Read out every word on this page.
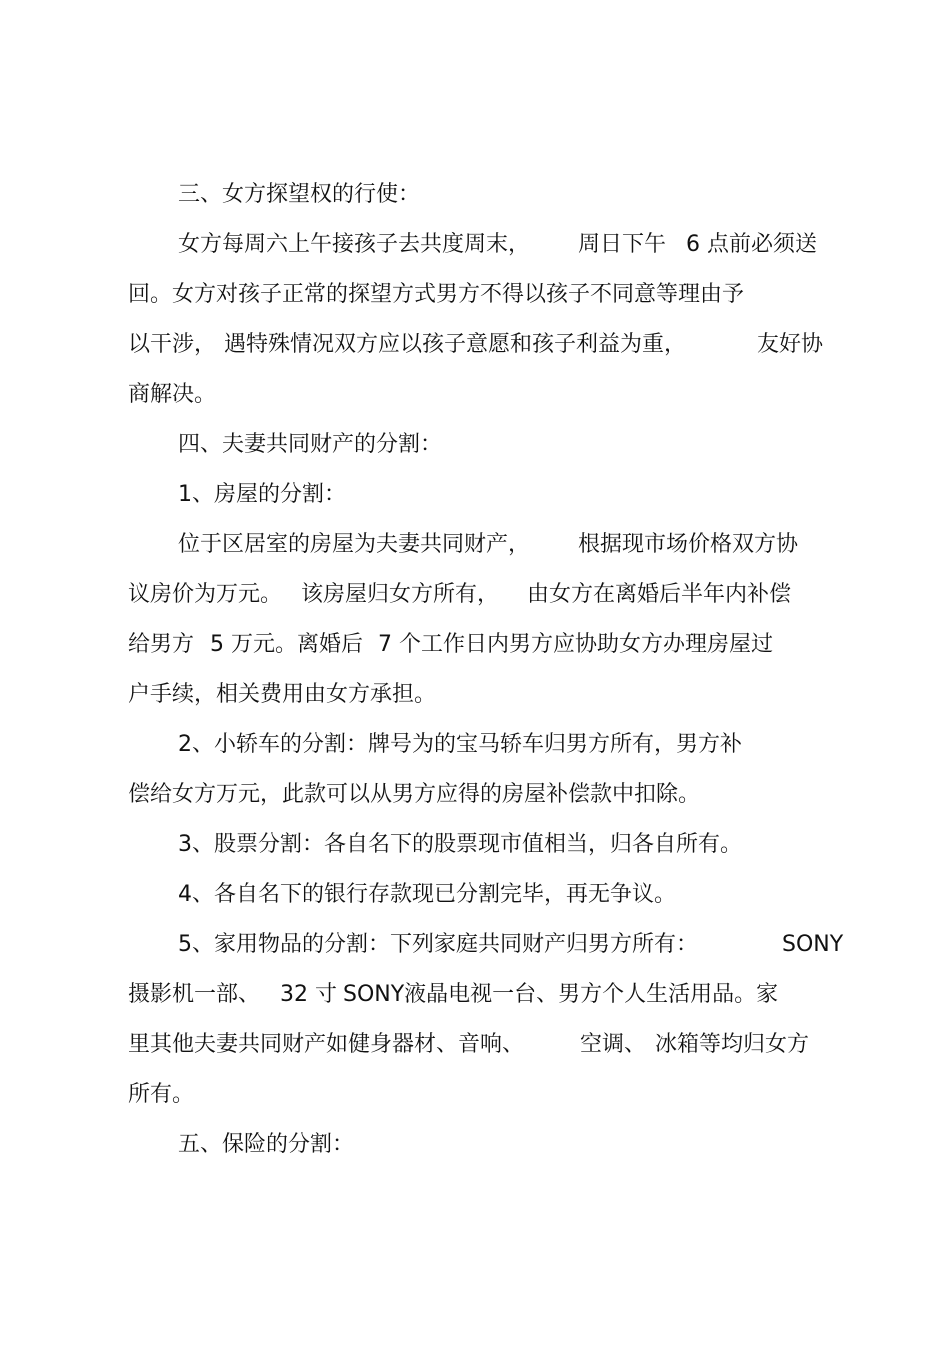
三、女方探望权的行使：
女方每周六上午接孩子去共度周末， 周日下午 6 点前必须送
回。女方对孩子正常的探望方式男方不得以孩子不同意等理由予
以干涉， 遇特殊情况双方应以孩子意愿和孩子利益为重，	友好协
商解决。
四、夫妻共同财产的分割：
1、房屋的分割：
位于区居室的房屋为夫妻共同财产， 根据现市场价格双方协
议房价为万元。 该房屋归女方所有， 由女方在离婚后半年内补偿
给男方 5 万元。离婚后 7 个工作日内男方应协助女方办理房屋过
户手续，相关费用由女方承担。
2、小轿车的分割：牌号为的宝马轿车归男方所有，男方补
偿给女方万元，此款可以从男方应得的房屋补偿款中扣除。
3、股票分割：各自名下的股票现市值相当，归各自所有。
4、各自名下的银行存款现已分割完毕，再无争议。
5、家用物品的分割：下列家庭共同财产归男方所有：	SONY
摄影机一部、 32 寸 SONY液晶电视一台、男方个人生活用品。家
里其他夫妻共同财产如健身器材、音响、	空调、 冰箱等均归女方
所有。
五、保险的分割：
